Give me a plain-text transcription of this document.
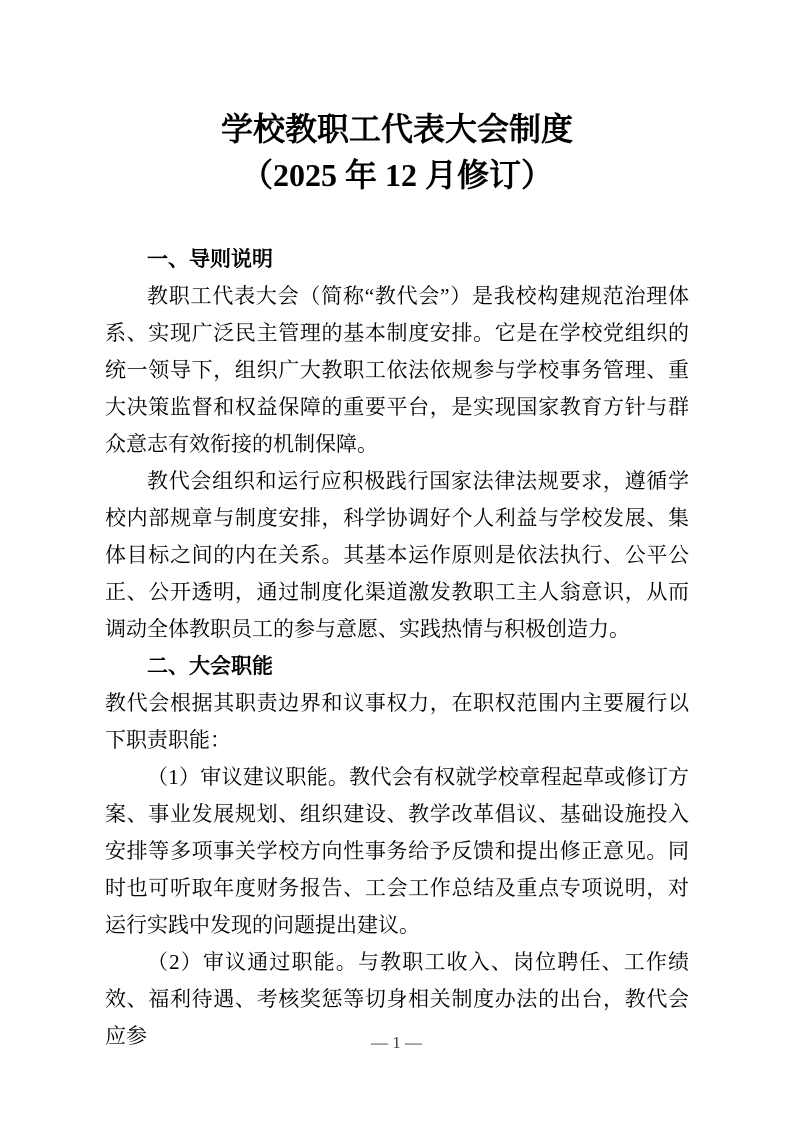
学校教职工代表大会制度
（2025 年 12 月修订）
一、导则说明

教职工代表大会（简称“教代会”）是我校构建规范治理体系、实现广泛民主管理的基本制度安排。它是在学校党组织的统一领导下，组织广大教职工依法依规参与学校事务管理、重大决策监督和权益保障的重要平台，是实现国家教育方针与群众意志有效衔接的机制保障。

教代会组织和运行应积极践行国家法律法规要求，遵循学校内部规章与制度安排，科学协调好个人利益与学校发展、集体目标之间的内在关系。其基本运作原则是依法执行、公平公正、公开透明，通过制度化渠道激发教职工主人翁意识，从而调动全体教职员工的参与意愿、实践热情与积极创造力。

二、大会职能

教代会根据其职责边界和议事权力，在职权范围内主要履行以下职责职能：

（1）审议建议职能。教代会有权就学校章程起草或修订方案、事业发展规划、组织建设、教学改革倡议、基础设施投入安排等多项事关学校方向性事务给予反馈和提出修正意见。同时也可听取年度财务报告、工会工作总结及重点专项说明，对运行实践中发现的问题提出建议。

（2）审议通过职能。与教职工收入、岗位聘任、工作绩效、福利待遇、考核奖惩等切身相关制度办法的出台，教代会应参	— 1 —
